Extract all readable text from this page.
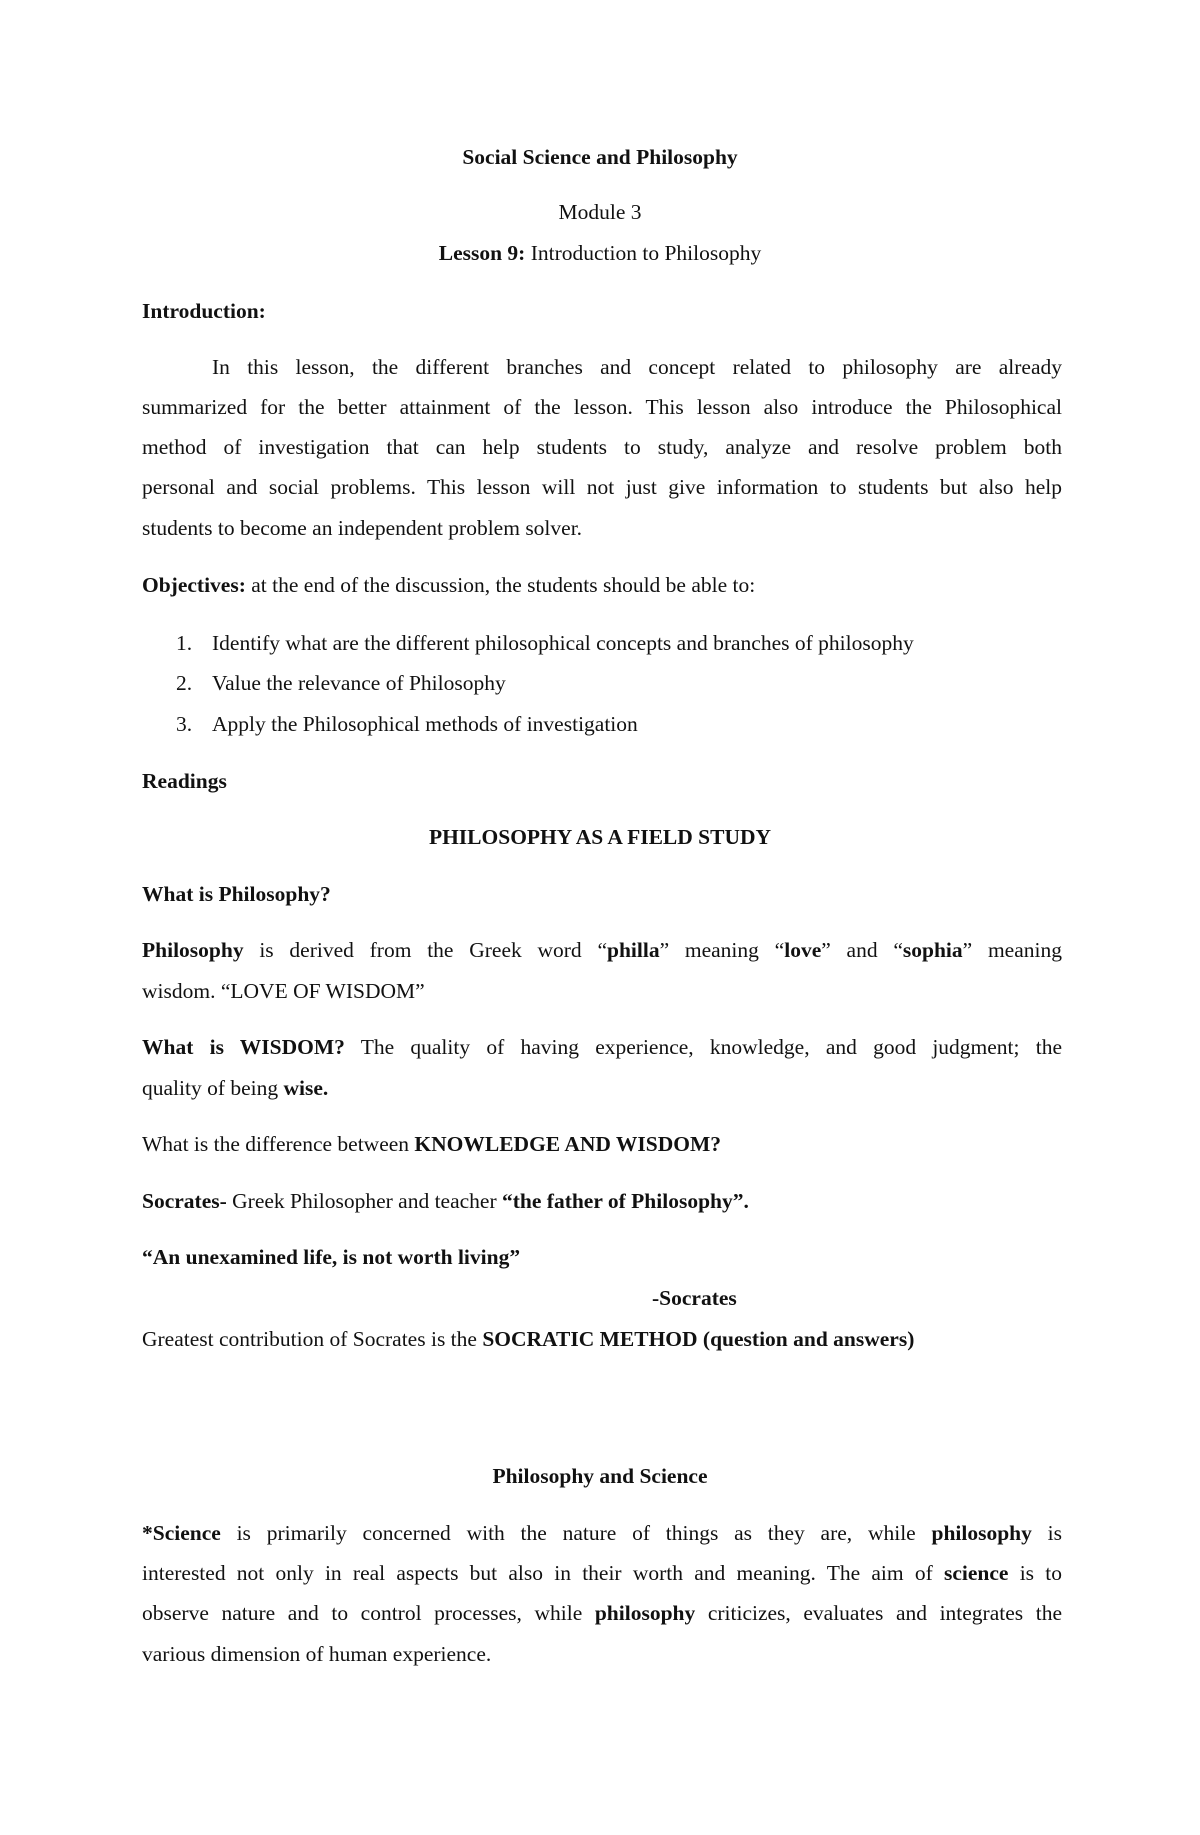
Social Science and Philosophy

Module 3

Lesson 9: Introduction to Philosophy

Introduction:

In this lesson, the different branches and concept related to philosophy are already

summarized for the better attainment of the lesson. This lesson also introduce the Philosophical

method of investigation that can help students to study, analyze and resolve problem both

personal and social problems. This lesson will not just give information to students but also help

students to become an independent problem solver.

Objectives: at the end of the discussion, the students should be able to:

1. Identify what are the different philosophical concepts and branches of philosophy

2. Value the relevance of Philosophy

3. Apply the Philosophical methods of investigation

Readings

PHILOSOPHY AS A FIELD STUDY

What is Philosophy?

Philosophy is derived from the Greek word “philla” meaning “love” and “sophia” meaning

wisdom. “LOVE OF WISDOM”

What is WISDOM? The quality of having experience, knowledge, and good judgment; the

quality of being wise.

What is the difference between KNOWLEDGE AND WISDOM?

Socrates- Greek Philosopher and teacher “the father of Philosophy”.

“An unexamined life, is not worth living”

-Socrates

Greatest contribution of Socrates is the SOCRATIC METHOD (question and answers)

Philosophy and Science

*Science is primarily concerned with the nature of things as they are, while philosophy is

interested not only in real aspects but also in their worth and meaning. The aim of science is to

observe nature and to control processes, while philosophy criticizes, evaluates and integrates the

various dimension of human experience.
